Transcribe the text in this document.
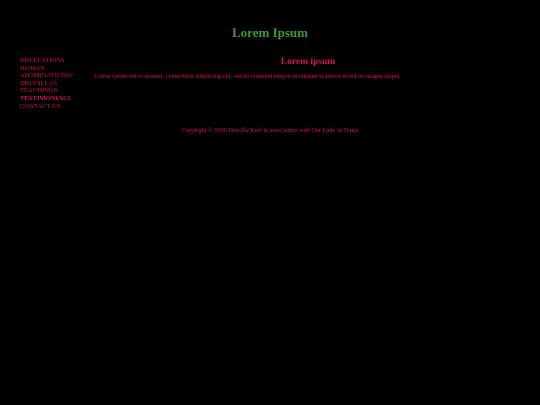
Lorem Ipsum
REVELATIONS
HUMAN
ABOMINATIONS?
DRUCILLAS
TEACHINGS
TESTIMONIALS
CONTACT US
Lorem ipsum
Lorem ipsum dolor sit amet, consectetur adipiscing elit, sed do eiusmod tempor incididunt ut labore et dolore magna aliqua.
Copyright © 1969 Drucilla Keel in association with Our Lady of Venus
